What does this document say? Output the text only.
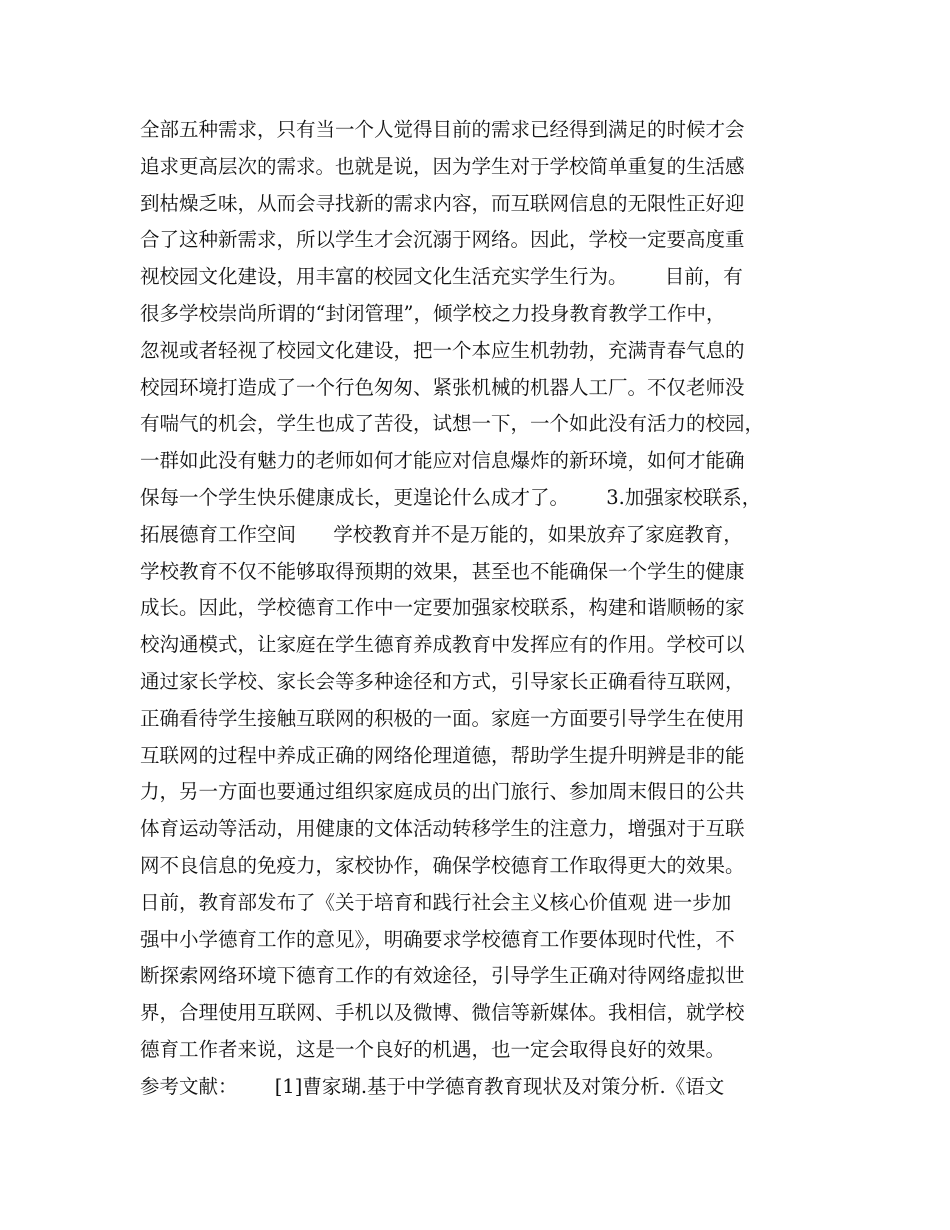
全部五种需求，只有当一个人觉得目前的需求已经得到满足的时候才会
追求更高层次的需求。也就是说，因为学生对于学校简单重复的生活感
到枯燥乏味，从而会寻找新的需求内容，而互联网信息的无限性正好迎
合了这种新需求，所以学生才会沉溺于网络。因此，学校一定要高度重
视校园文化建设，用丰富的校园文化生活充实学生行为。      目前，有
很多学校崇尚所谓的“封闭管理”，倾学校之力投身教育教学工作中，
忽视或者轻视了校园文化建设，把一个本应生机勃勃，充满青春气息的
校园环境打造成了一个行色匆匆、紧张机械的机器人工厂。不仅老师没
有喘气的机会，学生也成了苦役，试想一下，一个如此没有活力的校园，
一群如此没有魅力的老师如何才能应对信息爆炸的新环境，如何才能确
保每一个学生快乐健康成长，更遑论什么成才了。      3.加强家校联系，
拓展德育工作空间      学校教育并不是万能的，如果放弃了家庭教育，
学校教育不仅不能够取得预期的效果，甚至也不能确保一个学生的健康
成长。因此，学校德育工作中一定要加强家校联系，构建和谐顺畅的家
校沟通模式，让家庭在学生德育养成教育中发挥应有的作用。学校可以
通过家长学校、家长会等多种途径和方式，引导家长正确看待互联网，
正确看待学生接触互联网的积极的一面。家庭一方面要引导学生在使用
互联网的过程中养成正确的网络伦理道德，帮助学生提升明辨是非的能
力，另一方面也要通过组织家庭成员的出门旅行、参加周末假日的公共
体育运动等活动，用健康的文体活动转移学生的注意力，增强对于互联
网不良信息的免疫力，家校协作，确保学校德育工作取得更大的效果。
日前，教育部发布了《关于培育和践行社会主义核心价值观 进一步加
强中小学德育工作的意见》，明确要求学校德育工作要体现时代性，不
断探索网络环境下德育工作的有效途径，引导学生正确对待网络虚拟世
界，合理使用互联网、手机以及微博、微信等新媒体。我相信，就学校
德育工作者来说，这是一个良好的机遇，也一定会取得良好的效果。
参考文献：      [1]曹家瑚.基于中学德育教育现状及对策分析.《语文
